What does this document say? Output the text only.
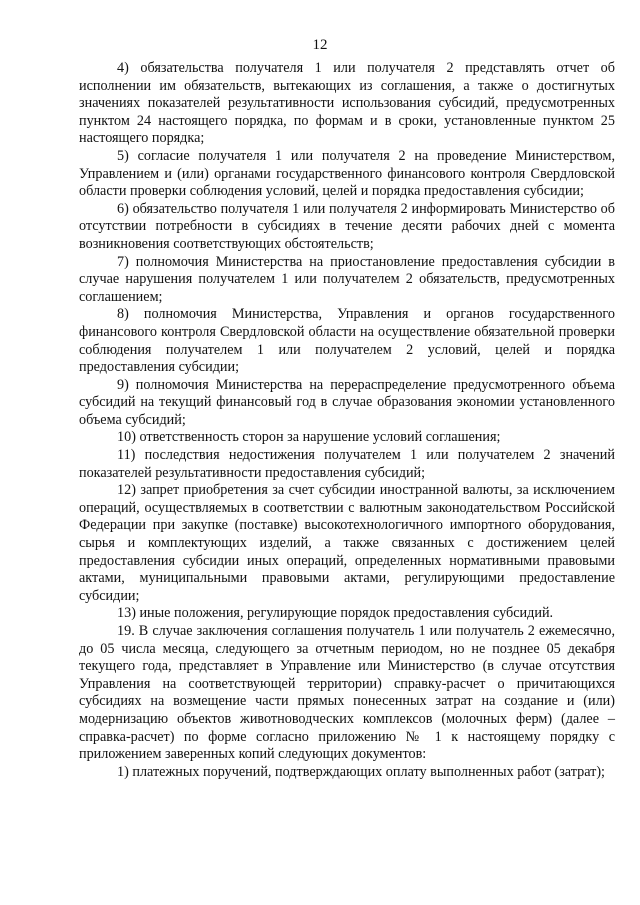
12

4) обязательства получателя 1 или получателя 2 представлять отчет об исполнении им обязательств, вытекающих из соглашения, а также о достигнутых значениях показателей результативности использования субсидий, предусмотренных пунктом 24 настоящего порядка, по формам и в сроки, установленные пунктом 25 настоящего порядка;

5) согласие получателя 1 или получателя 2 на проведение Министерством, Управлением и (или) органами государственного финансового контроля Свердловской области проверки соблюдения условий, целей и порядка предоставления субсидии;

6) обязательство получателя 1 или получателя 2 информировать Министерство об отсутствии потребности в субсидиях в течение десяти рабочих дней с момента возникновения соответствующих обстоятельств;

7) полномочия Министерства на приостановление предоставления субсидии в случае нарушения получателем 1 или получателем 2 обязательств, предусмотренных соглашением;

8) полномочия Министерства, Управления и органов государственного финансового контроля Свердловской области на осуществление обязательной проверки соблюдения получателем 1 или получателем 2 условий, целей и порядка предоставления субсидии;

9) полномочия Министерства на перераспределение предусмотренного объема субсидий на текущий финансовый год в случае образования экономии установленного объема субсидий;

10) ответственность сторон за нарушение условий соглашения;

11) последствия недостижения получателем 1 или получателем 2 значений показателей результативности предоставления субсидий;

12) запрет приобретения за счет субсидии иностранной валюты, за исключением операций, осуществляемых в соответствии с валютным законодательством Российской Федерации при закупке (поставке) высокотехнологичного импортного оборудования, сырья и комплектующих изделий, а также связанных с достижением целей предоставления субсидии иных операций, определенных нормативными правовыми актами, муниципальными правовыми актами, регулирующими предоставление субсидии;

13) иные положения, регулирующие порядок предоставления субсидий.

19. В случае заключения соглашения получатель 1 или получатель 2 ежемесячно, до 05 числа месяца, следующего за отчетным периодом, но не позднее 05 декабря текущего года, представляет в Управление или Министерство (в случае отсутствия Управления на соответствующей территории) справку-расчет о причитающихся субсидиях на возмещение части прямых понесенных затрат на создание и (или) модернизацию объектов животноводческих комплексов (молочных ферм) (далее – справка-расчет) по форме согласно приложению № 1 к настоящему порядку с приложением заверенных копий следующих документов:

1) платежных поручений, подтверждающих оплату выполненных работ (затрат);
